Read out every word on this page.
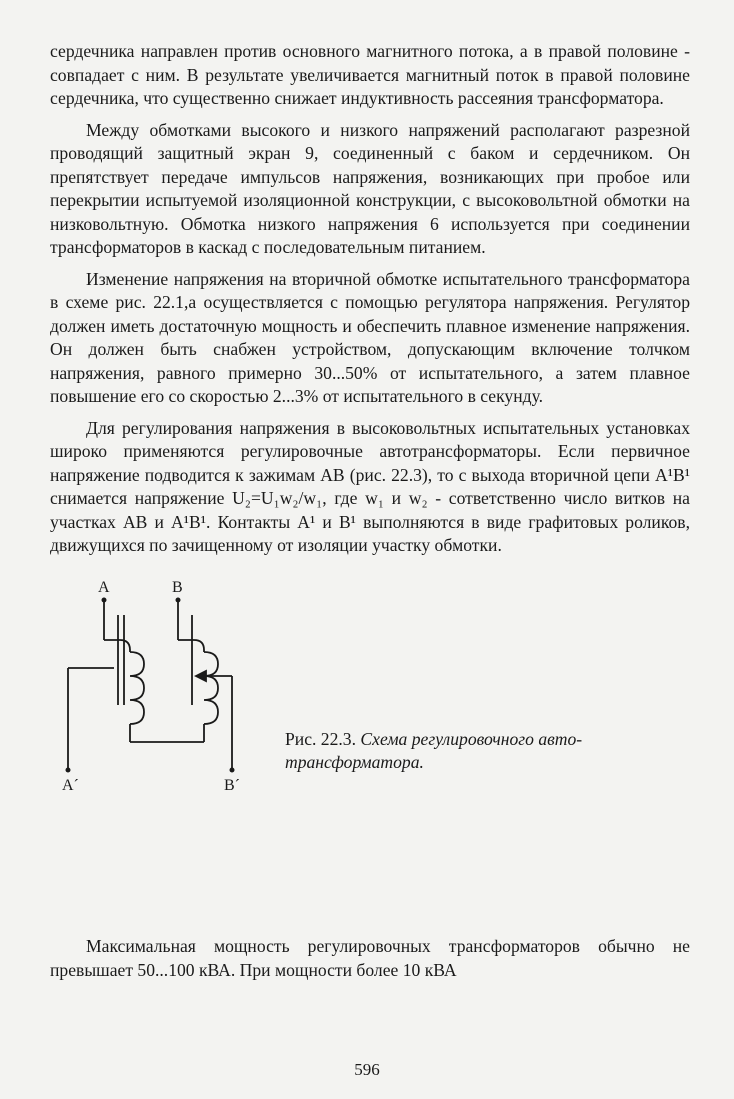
сердечника направлен против основного магнитного потока, а в правой половине - совпадает с ним. В результате увеличивается магнитный поток в правой половине сердечника, что существенно снижает индуктивность рассеяния трансформатора.

Между обмотками высокого и низкого напряжений располагают разрезной проводящий защитный экран 9, соединенный с баком и сердечником. Он препятствует передаче импульсов напряжения, возникающих при пробое или перекрытии испытуемой изоляционной конструкции, с высоковольтной обмотки на низковольтную. Обмотка низкого напряжения 6 используется при соединении трансформаторов в каскад с последовательным питанием.

Изменение напряжения на вторичной обмотке испытательного трансформатора в схеме рис. 22.1,а осуществляется с помощью регулятора напряжения. Регулятор должен иметь достаточную мощность и обеспечить плавное изменение напряжения. Он должен быть снабжен устройством, допускающим включение толчком напряжения, равного примерно 30...50% от испытательного, а затем плавное повышение его со скоростью 2...3% от испытательного в секунду.

Для регулирования напряжения в высоковольтных испытательных установках широко применяются регулировочные автотрансформаторы. Если первичное напряжение подводится к зажимам AB (рис. 22.3), то с выхода вторичной цепи A¹B¹ снимается напряжение U₂=U₁w₂/w₁, где w₁ и w₂ - сответственно число витков на участках AB и A¹B¹. Контакты A¹ и B¹ выполняются в виде графитовых роликов, движущихся по зачищенному от изоляции участку обмотки.

A	B
A´	B´
Рис. 22.3. Схема регулировочного авто-
трансформатора.

Максимальная мощность регулировочных трансформаторов обычно не превышает 50...100 кВА. При мощности более 10 кВА

596
